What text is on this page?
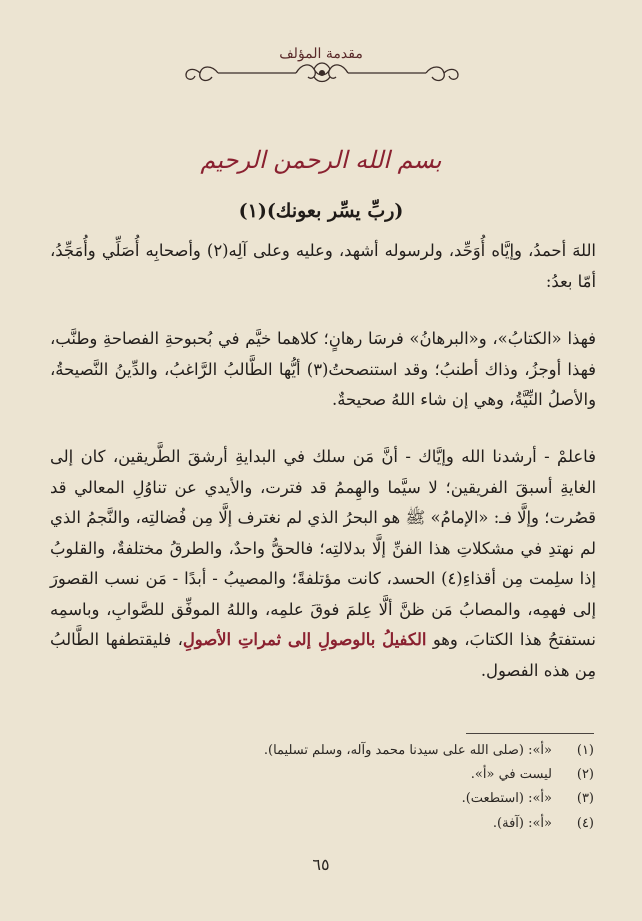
مقدمة المؤلف
بسم الله الرحمن الرحيم
(ربِّ يسِّر بعونك)(١)

اللهَ أحمدُ، وإيَّاه أُوَحِّد، ولرسوله أشهد، وعليه وعلى آلِه(٢) وأصحابِه أُصَلِّي وأُمَجِّدُ، أمّا بعدُ:

فهذا «الكتابُ»، و«البرهانُ» فرسَا رهانٍ؛ كلاهما خيَّم في بُحبوحةِ الفصاحةِ وطنَّب، فهذا أوجزُ، وذاك أطنبُ؛ وقد استنصحتُ(٣) أيُّها الطَّالبُ الرَّاغبُ، والدِّينُ النَّصيحةُ، والأصلُ النِّيَّةُ، وهي إن شاء اللهُ صحيحةٌ.

فاعلمْ - أرشدنا الله وإيَّاك - أنَّ مَن سلك في البدايةِ أرشقَ الطَّريقين، كان إلى الغايةِ أسبقَ الفريقين؛ لا سيَّما والهِممُ قد فترت، والأيدي عن تناوُلِ المعالي قد قصُرت؛ وإلَّا فـ: «الإمامُ» ﷺ هو البحرُ الذي لم نغترف إلَّا مِن فُضالتِه، والنَّجمُ الذي لم نهتدِ في مشكلاتِ هذا الفنِّ إلَّا بدلالتِه؛ فالحقُّ واحدٌ، والطرقُ مختلفةٌ، والقلوبُ إذا سلِمت مِن أقذاءِ(٤) الحسد، كانت مؤتلفةً؛ والمصيبُ - أبدًا - مَن نسب القصورَ إلى فهمِه، والمصابُ مَن ظنَّ ألَّا عِلمَ فوقَ علمِه، واللهُ الموفِّق للصَّوابِ، وباسمِه نستفتحُ هذا الكتابَ، وهو الكفيلُ بالوصولِ إلى ثمراتِ الأصولِ، فليقتطفها الطَّالبُ مِن هذه الفصول.

(١)
«أ»: (صلى الله على سيدنا محمد وآله، وسلم تسليما).
(٢)
ليست في «أ».
(٣)
«أ»: (استطعت).
(٤)
«أ»: (آفة).
٦٥
